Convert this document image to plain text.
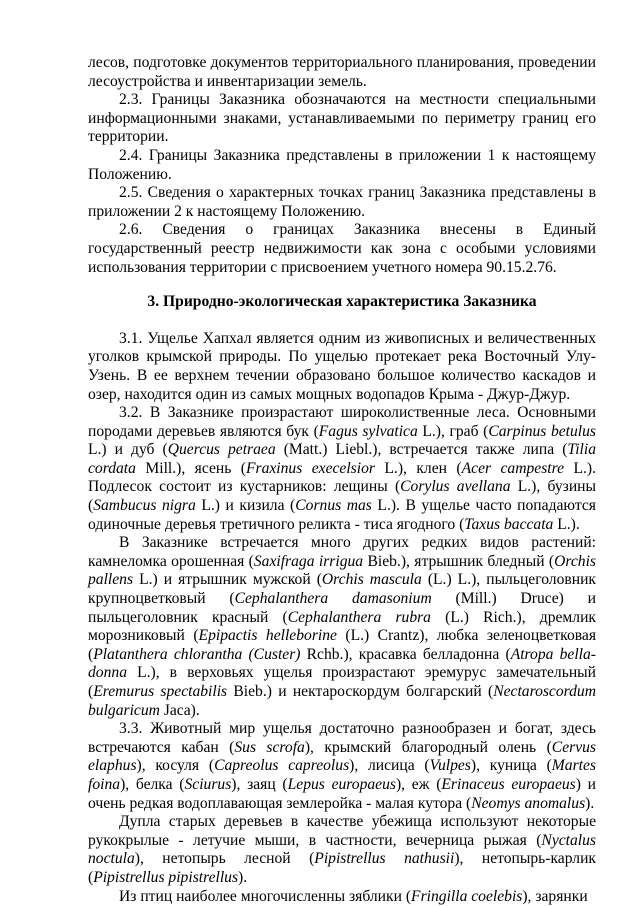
лесов, подготовке документов территориального планирования, проведении лесоустройства и инвентаризации земель.

2.3. Границы Заказника обозначаются на местности специальными информационными знаками, устанавливаемыми по периметру границ его территории.

2.4. Границы Заказника представлены в приложении 1 к настоящему Положению.

2.5. Сведения о характерных точках границ Заказника представлены в приложении 2 к настоящему Положению.

2.6. Сведения о границах Заказника внесены в Единый государственный реестр недвижимости как зона с особыми условиями использования территории с присвоением учетного номера 90.15.2.76.

3. Природно-экологическая характеристика Заказника

3.1. Ущелье Хапхал является одним из живописных и величественных уголков крымской природы. По ущелью протекает река Восточный Улу-Узень. В ее верхнем течении образовано большое количество каскадов и озер, находится один из самых мощных водопадов Крыма - Джур-Джур.

3.2. В Заказнике произрастают широколиственные леса. Основными породами деревьев являются бук (Fagus sylvatica L.), граб (Carpinus betulus L.) и дуб (Quercus petraea (Matt.) Liebl.), встречается также липа (Tilia cordata Mill.), ясень (Fraxinus execelsior L.), клен (Acer campestre L.). Подлесок состоит из кустарников: лещины (Corylus avellana L.), бузины (Sambucus nigra L.) и кизила (Cornus mas L.). В ущелье часто попадаются одиночные деревья третичного реликта - тиса ягодного (Taxus baccata L.).

В Заказнике встречается много других редких видов растений: камнеломка орошенная (Saxifraga irrigua Bieb.), ятрышник бледный (Orchis pallens L.) и ятрышник мужской (Orchis mascula (L.) L.), пыльцеголовник крупноцветковый (Cephalanthera damasonium (Mill.) Druce) и пыльцеголовник красный (Cephalanthera rubra (L.) Rich.), дремлик морозниковый (Epipactis helleborine (L.) Crantz), любка зеленоцветковая (Platanthera chlorantha (Custer) Rchb.), красавка белладонна (Atropa bella-donna L.), в верховьях ущелья произрастают эремурус замечательный (Eremurus spectabilis Bieb.) и нектароскордум болгарский (Nectaroscordum bulgaricum Jaca).

3.3. Животный мир ущелья достаточно разнообразен и богат, здесь встречаются кабан (Sus scrofa), крымский благородный олень (Cervus elaphus), косуля (Capreolus capreolus), лисица (Vulpes), куница (Martes foina), белка (Sciurus), заяц (Lepus europaeus), еж (Erinaceus europaeus) и очень редкая водоплавающая землеройка - малая кутора (Neomys anomalus).

Дупла старых деревьев в качестве убежища используют некоторые рукокрылые - летучие мыши, в частности, вечерница рыжая (Nyctalus noctula), нетопырь лесной (Pipistrellus nathusii), нетопырь-карлик (Pipistrellus pipistrellus).

Из птиц наиболее многочисленны зяблики (Fringilla coelebis), зарянки
